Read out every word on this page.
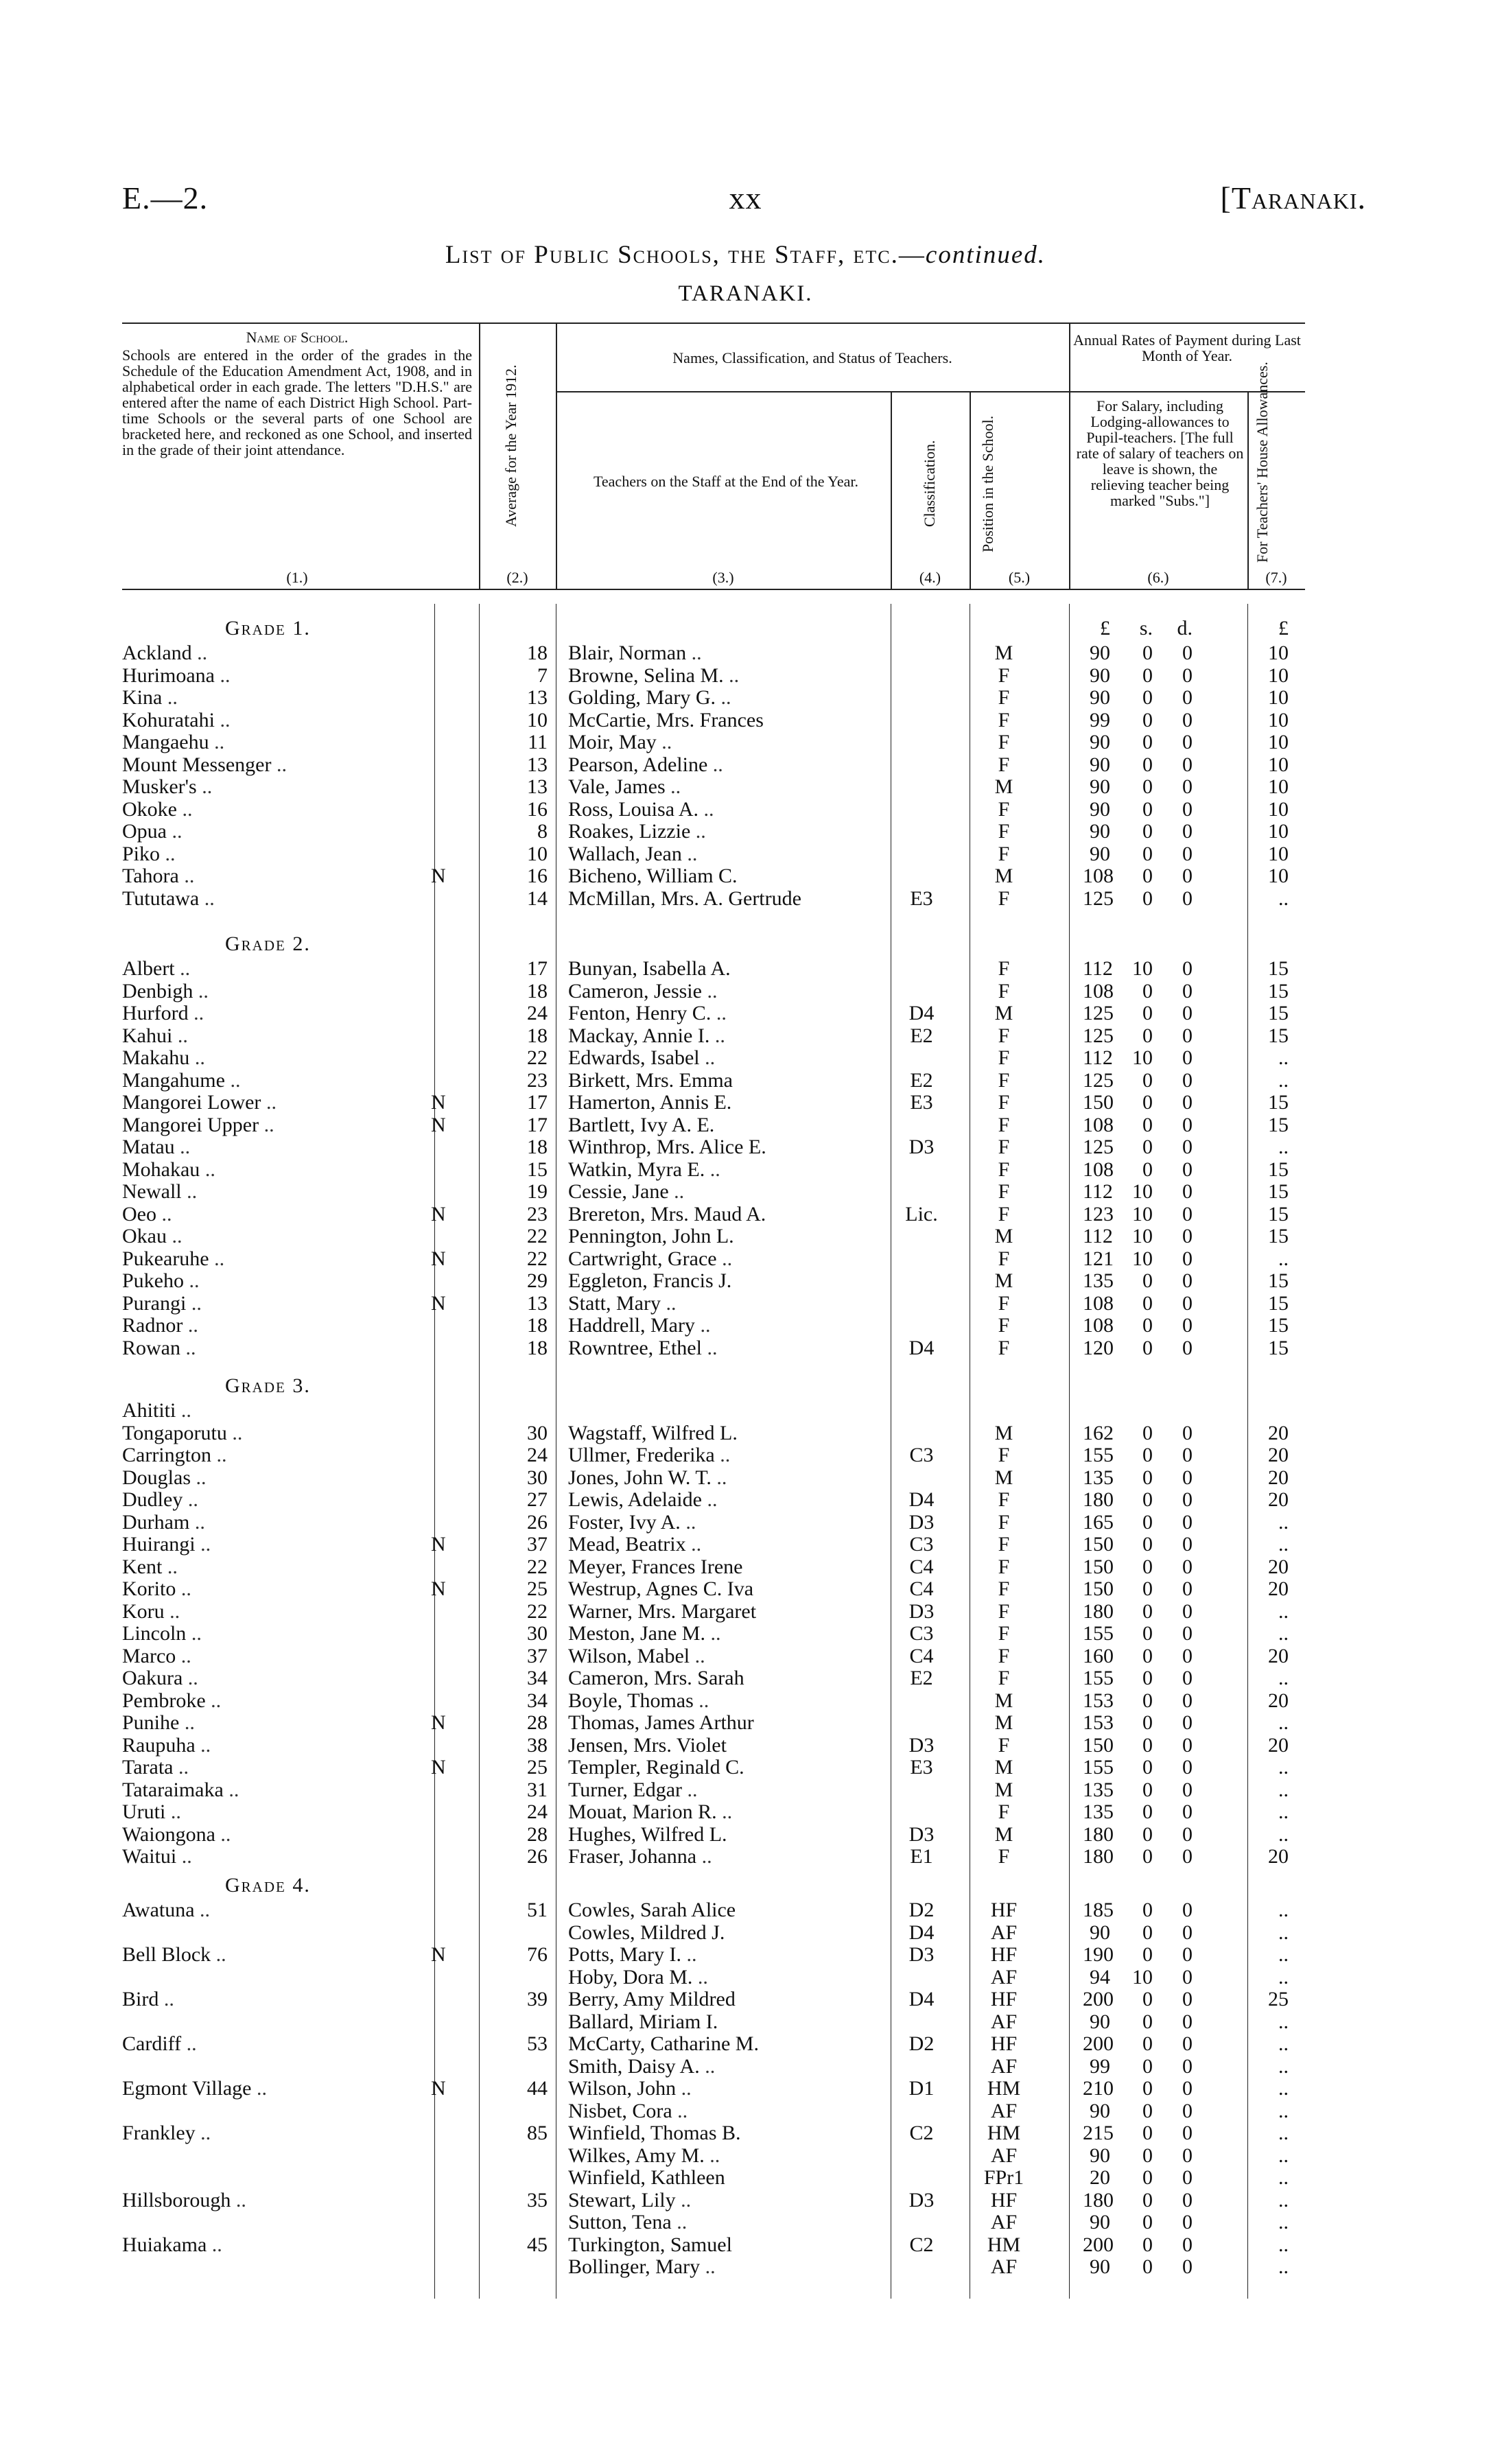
E.—2.	xx	[Taranaki.
List of Public Schools, the Staff, etc.—continued.
TARANAKI.
Name of School.
Schools are entered in the order of the grades in the Schedule of the Education Amendment Act, 1908, and in alphabetical order in each grade. The letters "D.H.S." are entered after the name of each District High School. Part-time Schools or the several parts of one School are bracketed here, and reckoned as one School, and inserted in the grade of their joint attendance.
(1.)
Average for the Year 1912.
(2.)
Names, Classification, and Status of Teachers.
Teachers on the Staff at the End of the Year.
(3.)
Classification.
(4.)
Position in the School.
(5.)
Annual Rates of Payment during Last Month of Year.
For Salary, including Lodging-allowances to Pupil-teachers. [The full rate of salary of teachers on leave is shown, the relieving teacher being marked "Subs."]
(6.)
For Teachers' House Allowances.
(7.)
£	s.	d.	£
Grade 1.
Ackland ..	18 Blair, Norman ..	M	90	0	0	10
Hurimoana ..	7 Browne, Selina M. ..	F	90	0	0	10
Kina ..	13 Golding, Mary G. ..	F	90	0	0	10
Kohuratahi ..	10 McCartie, Mrs. Frances	F	99	0	0	10
Mangaehu ..	11 Moir, May ..	F	90	0	0	10
Mount Messenger ..	13 Pearson, Adeline ..	F	90	0	0	10
Musker's ..	13 Vale, James ..	M	90	0	0	10
Okoke ..	16 Ross, Louisa A. ..	F	90	0	0	10
Opua ..	8 Roakes, Lizzie ..	F	90	0	0	10
Piko ..	10 Wallach, Jean ..	F	90	0	0	10
Tahora ..	N	16 Bicheno, William C.	M	108	0	0	10
Tututawa ..	14 McMillan, Mrs. A. Gertrude	E3	F	125	0	0	..
Grade 2.
Albert ..	17 Bunyan, Isabella A.	F	112 10	0	15
Denbigh ..	18 Cameron, Jessie ..	F	108	0	0	15
Hurford ..	24 Fenton, Henry C. ..	D4	M	125	0	0	15
Kahui ..	18 Mackay, Annie I. ..	E2	F	125	0	0	15
Makahu ..	22 Edwards, Isabel ..	F	112 10	0	..
Mangahume ..	23 Birkett, Mrs. Emma	E2	F	125	0	0	..
Mangorei Lower ..	N	17 Hamerton, Annis E.	E3	F	150	0	0	15
Mangorei Upper ..	N	17 Bartlett, Ivy A. E.	F	108	0	0	15
Matau ..	18 Winthrop, Mrs. Alice E.	D3	F	125	0	0	..
Mohakau ..	15 Watkin, Myra E. ..	F	108	0	0	15
Newall ..	19 Cessie, Jane ..	F	112 10	0	15
Oeo ..	N	23 Brereton, Mrs. Maud A.	Lic.	F	123 10	0	15
Okau ..	22 Pennington, John L.	M	112 10	0	15
Pukearuhe ..	N	22 Cartwright, Grace ..	F	121 10	0	..
Pukeho ..	29 Eggleton, Francis J.	M	135	0	0	15
Purangi ..	N	13 Statt, Mary ..	F	108	0	0	15
Radnor ..	18 Haddrell, Mary ..	F	108	0	0	15
Rowan ..	18 Rowntree, Ethel ..	D4	F	120	0	0	15
Grade 3.
Ahititi ..
Tongaporutu ..	30 Wagstaff, Wilfred L.	M	162	0	0	20
Carrington ..	24 Ullmer, Frederika ..	C3	F	155	0	0	20
Douglas ..	30 Jones, John W. T. ..	M	135	0	0	20
Dudley ..	27 Lewis, Adelaide ..	D4	F	180	0	0	20
Durham ..	26 Foster, Ivy A. ..	D3	F	165	0	0	..
Huirangi ..	N	37 Mead, Beatrix ..	C3	F	150	0	0	..
Kent ..	22 Meyer, Frances Irene	C4	F	150	0	0	20
Korito ..	N	25 Westrup, Agnes C. Iva	C4	F	150	0	0	20
Koru ..	22 Warner, Mrs. Margaret	D3	F	180	0	0	..
Lincoln ..	30 Meston, Jane M. ..	C3	F	155	0	0	..
Marco ..	37 Wilson, Mabel ..	C4	F	160	0	0	20
Oakura ..	34 Cameron, Mrs. Sarah	E2	F	155	0	0	..
Pembroke ..	34 Boyle, Thomas ..	M	153	0	0	20
Punihe ..	N	28 Thomas, James Arthur	M	153	0	0	..
Raupuha ..	38 Jensen, Mrs. Violet	D3	F	150	0	0	20
Tarata ..	N	25 Templer, Reginald C.	E3	M	155	0	0	..
Tataraimaka ..	31 Turner, Edgar ..	M	135	0	0	..
Uruti ..	24 Mouat, Marion R. ..	F	135	0	0	..
Waiongona ..	28 Hughes, Wilfred L.	D3	M	180	0	0	..
Waitui ..	26 Fraser, Johanna ..	E1	F	180	0	0	20
Grade 4.
Awatuna ..	51 Cowles, Sarah Alice	D2	HF	185	0	0	..
Cowles, Mildred J.	D4	AF	90	0	0	..
Bell Block ..	N	76 Potts, Mary I. ..	D3	HF	190	0	0	..
Hoby, Dora M. ..	AF	94	10	0	..
Bird ..	39 Berry, Amy Mildred	D4	HF	200	0	0	25
Ballard, Miriam I.	AF	90	0	0	..
Cardiff ..	53 McCarty, Catharine M.	D2	HF	200	0	0	..
Smith, Daisy A. ..	AF	99	0	0	..
Egmont Village ..	N	44 Wilson, John ..	D1	HM	210	0	0	..
Nisbet, Cora ..	AF	90	0	0	..
Frankley ..	85 Winfield, Thomas B.	C2	HM	215	0	0	..
Wilkes, Amy M. ..	AF	90	0	0	..
Winfield, Kathleen	FPr1	20	0	0	..
Hillsborough ..	35 Stewart, Lily ..	D3	HF	180	0	0	..
Sutton, Tena ..	AF	90	0	0	..
Huiakama ..	45 Turkington, Samuel	C2	HM	200	0	0	..
Bollinger, Mary ..	AF	90	0	0	..
